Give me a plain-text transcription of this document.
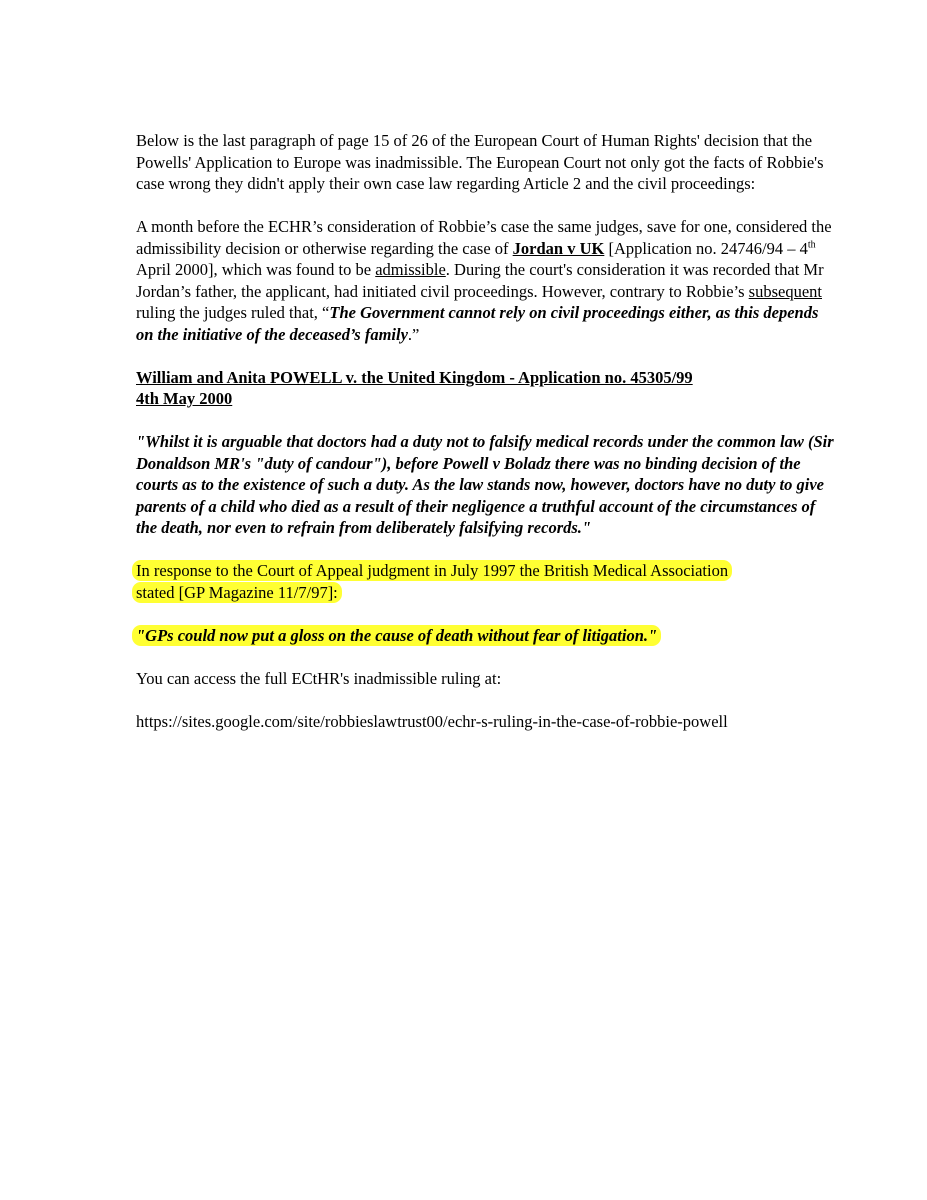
Below is the last paragraph of page 15 of 26 of the European Court of Human Rights' decision that the Powells' Application to Europe was inadmissible. The European Court not only got the facts of Robbie's case wrong they didn't apply their own case law regarding Article 2 and the civil proceedings:

A month before the ECHR’s consideration of Robbie’s case the same judges, save for one, considered the admissibility decision or otherwise regarding the case of Jordan v UK [Application no. 24746/94 – 4th April 2000], which was found to be admissible. During the court's consideration it was recorded that Mr Jordan’s father, the applicant, had initiated civil proceedings. However, contrary to Robbie’s subsequent ruling the judges ruled that, “The Government cannot rely on civil proceedings either, as this depends on the initiative of the deceased’s family.”

William and Anita POWELL v. the United Kingdom - Application no. 45305/99
4th May 2000

"Whilst it is arguable that doctors had a duty not to falsify medical records under the common law (Sir Donaldson MR's "duty of candour"), before Powell v Boladz there was no binding decision of the courts as to the existence of such a duty. As the law stands now, however, doctors have no duty to give parents of a child who died as a result of their negligence a truthful account of the circumstances of the death, nor even to refrain from deliberately falsifying records."

In response to the Court of Appeal judgment in July 1997 the British Medical Association
stated [GP Magazine 11/7/97]:

"GPs could now put a gloss on the cause of death without fear of litigation."

You can access the full ECtHR's inadmissible ruling at:

https://sites.google.com/site/robbieslawtrust00/echr-s-ruling-in-the-case-of-robbie-powell
